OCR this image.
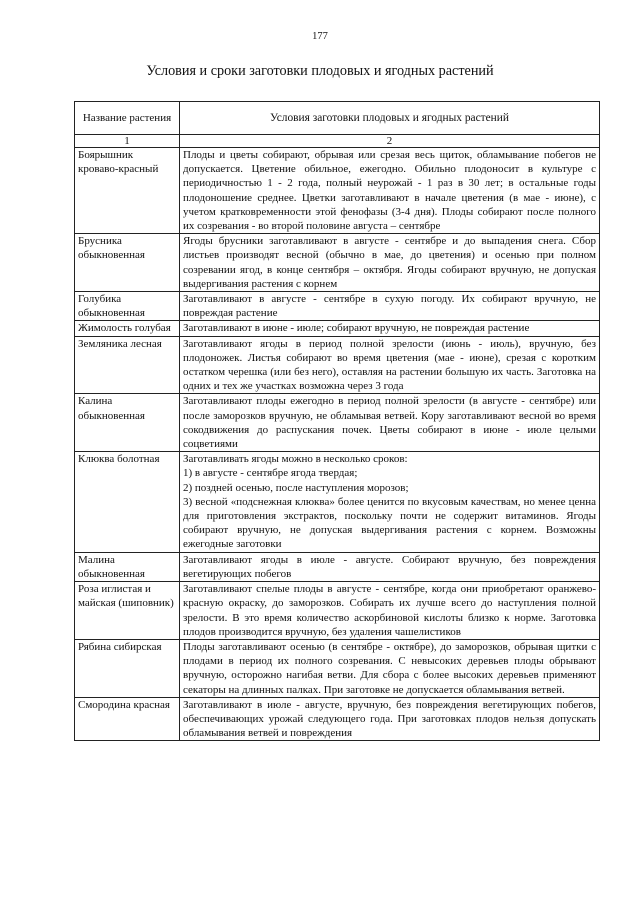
177
Условия и сроки заготовки плодовых и ягодных растений
Название растения	Условия заготовки плодовых и ягодных растений
1	2
Боярышник кроваво-красный	Плоды и цветы собирают, обрывая или срезая весь щиток, обламывание побегов не допускается. Цветение обильное, ежегодно. Обильно плодоносит в культуре с периодичностью 1 - 2 года, полный неурожай - 1 раз в 30 лет; в остальные годы плодоношение среднее. Цветки заготавливают в начале цветения (в мае - июне), с учетом кратковременности этой фенофазы (3-4 дня). Плоды собирают после полного их созревания - во второй половине августа – сентябре

Брусника обыкновенная	Ягоды брусники заготавливают в августе - сентябре и до выпадения снега. Сбор листьев производят весной (обычно в мае, до цветения) и осенью при полном созревании ягод, в конце сентября – октября. Ягоды собирают вручную, не допуская выдергивания растения с корнем

Голубика обыкновенная	Заготавливают в августе - сентябре в сухую погоду. Их собирают вручную, не повреждая растение

Жимолость голубая	Заготавливают в июне - июле; собирают вручную, не повреждая растение

Земляника лесная	Заготавливают ягоды в период полной зрелости (июнь - июль), вручную, без плодоножек. Листья собирают во время цветения (мае - июне), срезая с коротким остатком черешка (или без него), оставляя на растении большую их часть. Заготовка на одних и тех же участках возможна через 3 года

Калина обыкновенная	Заготавливают плоды ежегодно в период полной зрелости (в августе - сентябре) или после заморозков вручную, не обламывая ветвей. Кору заготавливают весной во время сокодвижения до распускания почек. Цветы собирают в июне - июле целыми соцветиями

Клюква болотная	Заготавливать ягоды можно в несколько сроков:
1) в августе - сентябре ягода твердая;
2) поздней осенью, после наступления морозов;
3) весной «подснежная клюква» более ценится по вкусовым качествам, но менее ценна для приготовления экстрактов, поскольку почти не содержит витаминов. Ягоды собирают вручную, не допуская выдергивания растения с корнем. Возможны ежегодные заготовки

Малина обыкновенная	Заготавливают ягоды в июле - августе. Собирают вручную, без повреждения вегетирующих побегов

Роза иглистая и майская (шиповник)	Заготавливают спелые плоды в августе - сентябре, когда они приобретают оранжево-красную окраску, до заморозков. Собирать их лучше всего до наступления полной зрелости. В это время количество аскорбиновой кислоты близко к норме. Заготовка плодов производится вручную, без удаления чашелистиков

Рябина сибирская	Плоды заготавливают осенью (в сентябре - октябре), до заморозков, обрывая щитки с плодами в период их полного созревания. С невысоких деревьев плоды обрывают вручную, осторожно нагибая ветви. Для сбора с более высоких деревьев применяют секаторы на длинных палках. При заготовке не допускается обламывания ветвей.

Смородина красная	Заготавливают в июле - августе, вручную, без повреждения вегетирующих побегов, обеспечивающих урожай следующего года. При заготовках плодов нельзя допускать обламывания ветвей и повреждения
